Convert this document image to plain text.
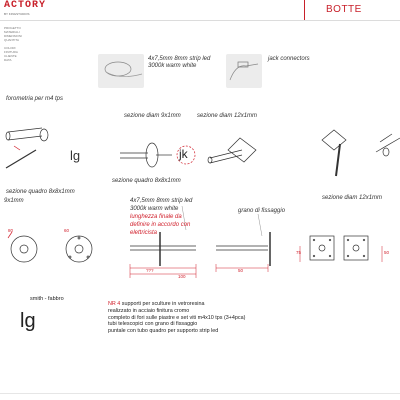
ACTORY
BY KINGSTUDIOS	BOTTE
PROGETTO
MATERIALI
DIMENSIONI
QUANTITA
COLORI
FINITURA
CLIENTE
DATA	4x7,5mm 8mm strip led
3000k warm white
jack connectors
forometria per m4 tps
sezione quadro 8x8x1mm
9x1mm
lg
sezione diam 9x1mm	sezione diam 12x1mm
jk
sezione quadro 8x8x1mm
sezione diam 12x1mm
4x7,5mm 8mm strip led
3000k warm white
lunghezza finale da
definire in accordo con
elettricista
grano di fissaggio
???
100
50
75	50
80	60
smith - fabbro
lg
NR 4 supporti per sculture in vetroresina
realizzato in acciaio finitura cromo
completo di fori sulle piastre e set viti m4x10 tps (3+4pca)
tubi telescopici con grano di fissaggio
puntale con tubo quadro per supporto strip led
